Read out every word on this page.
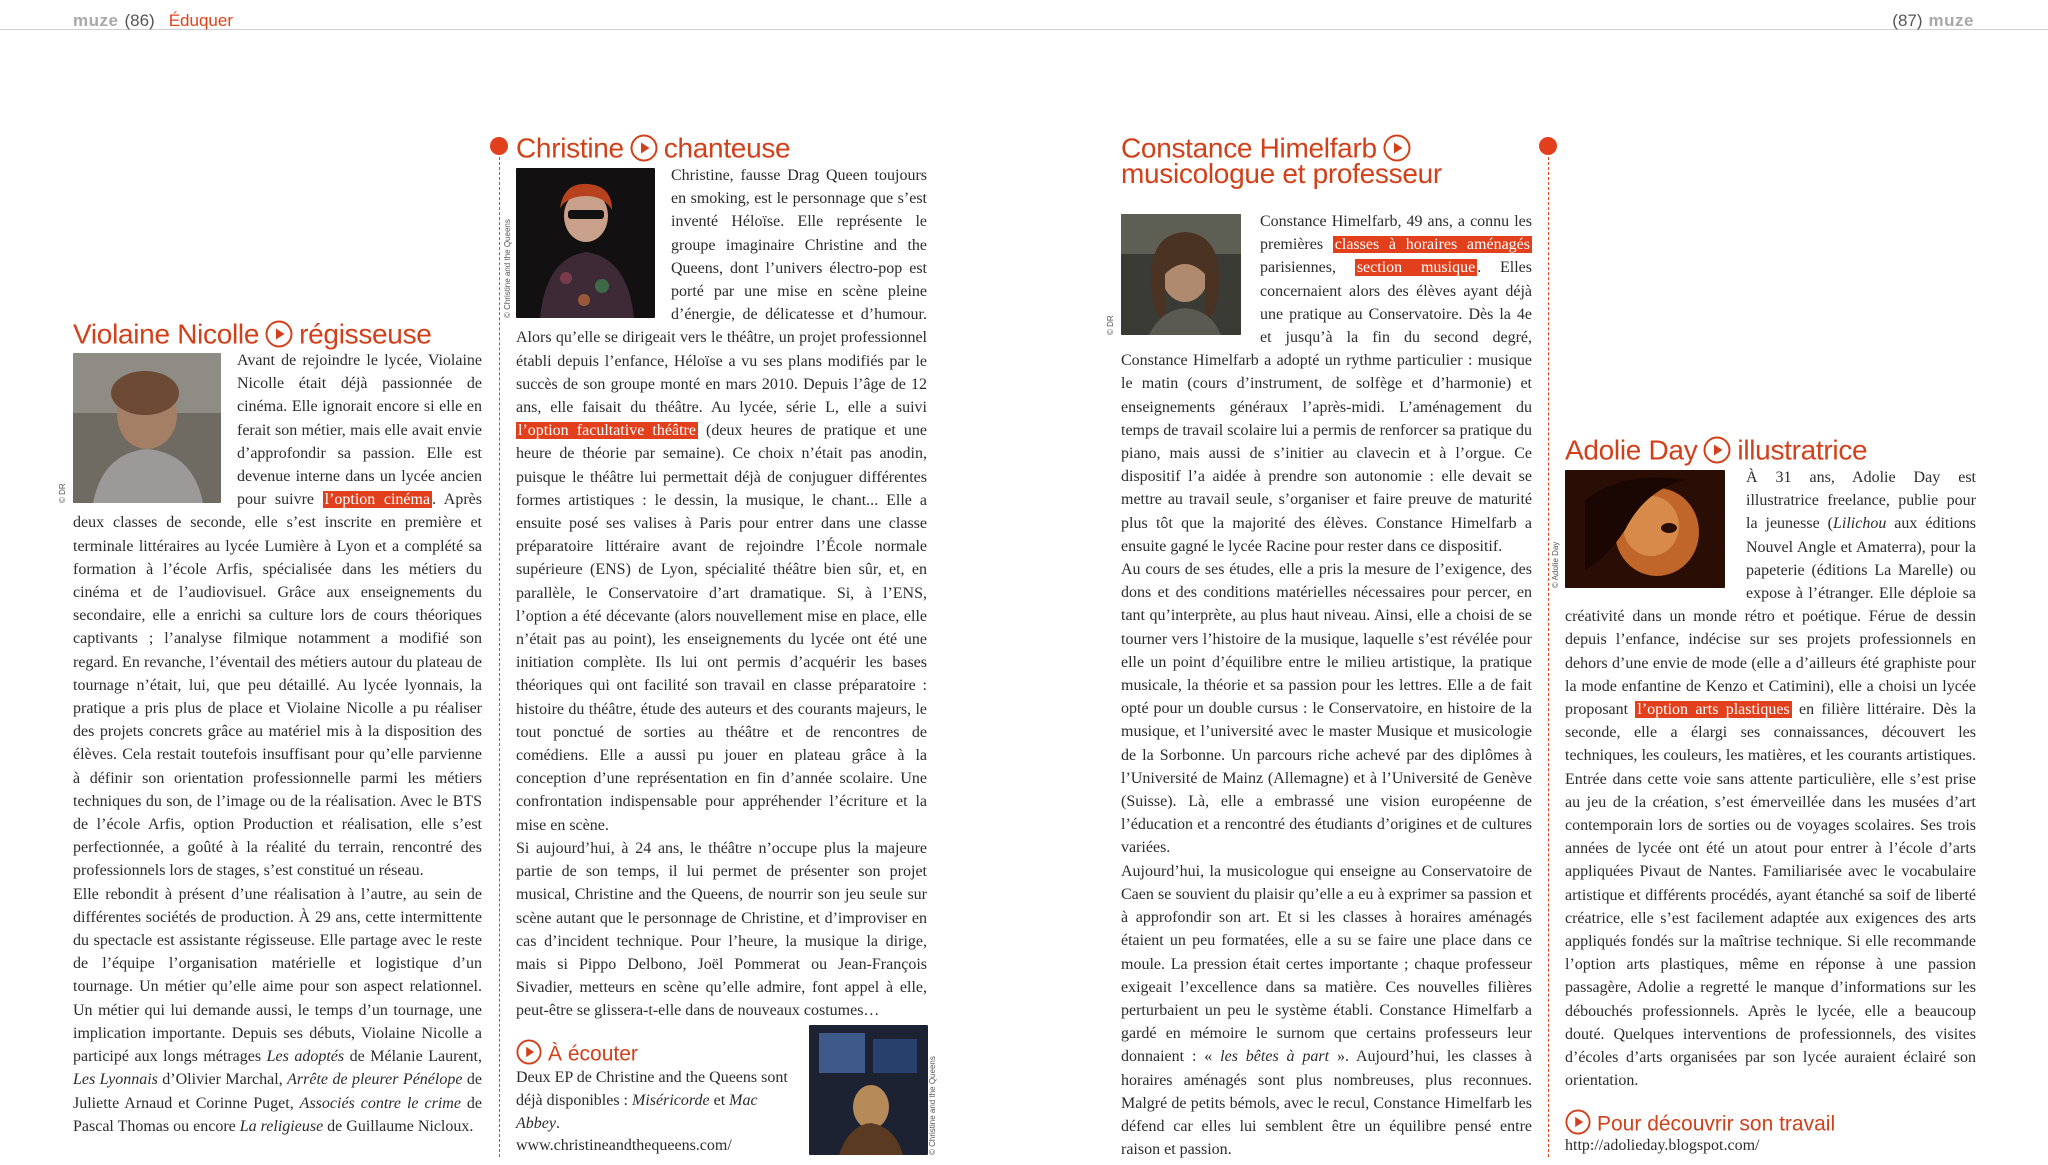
muze (86) Éduquer	(87) muze
Violaine Nicolle régisseuse
© DR

Avant de rejoindre le lycée, Violaine Nicolle était déjà passionnée de cinéma. Elle ignorait encore si elle en ferait son métier, mais elle avait envie d’approfondir sa passion. Elle est devenue interne dans un lycée ancien pour suivre l’option cinéma . Après deux classes de seconde, elle s’est inscrite en première et terminale littéraires au lycée Lumière à Lyon et a complété sa formation à l’école Arfis, spécialisée dans les métiers du cinéma et de l’audiovisuel. Grâce aux enseignements du secondaire, elle a enrichi sa culture lors de cours théoriques captivants ; l’analyse filmique notamment a modifié son regard. En revanche, l’éventail des métiers autour du plateau de tournage n’était, lui, que peu détaillé. Au lycée lyonnais, la pratique a pris plus de place et Violaine Nicolle a pu réaliser des projets concrets grâce au matériel mis à la disposition des élèves. Cela restait toutefois insuffisant pour qu’elle parvienne à définir son orientation professionnelle parmi les métiers techniques du son, de l’image ou de la réalisation. Avec le BTS de l’école Arfis, option Production et réalisation, elle s’est perfectionnée, a goûté à la réalité du terrain, rencontré des professionnels lors de stages, s’est constitué un réseau.

Elle rebondit à présent d’une réalisation à l’autre, au sein de différentes sociétés de production. À 29 ans, cette intermittente du spectacle est assistante régisseuse. Elle partage avec le reste de l’équipe l’organisation matérielle et logistique d’un tournage. Un métier qu’elle aime pour son aspect relationnel. Un métier qui lui demande aussi, le temps d’un tournage, une implication importante. Depuis ses débuts, Violaine Nicolle a participé aux longs métrages Les adoptés de Mélanie Laurent, Les Lyonnais d’Olivier Marchal, Arrête de pleurer Pénélope de Juliette Arnaud et Corinne Puget, Associés contre le crime de Pascal Thomas ou encore La religieuse de Guillaume Nicloux.

Christine chanteuse
© Christine and the Queens

Christine, fausse Drag Queen toujours en smoking, est le personnage que s’est inventé Héloïse. Elle représente le groupe imaginaire Christine and the Queens, dont l’univers électro-pop est porté par une mise en scène pleine d’énergie, de délicatesse et d’humour. Alors qu’elle se dirigeait vers le théâtre, un projet professionnel établi depuis l’enfance, Héloïse a vu ses plans modifiés par le succès de son groupe monté en mars 2010. Depuis l’âge de 12 ans, elle faisait du théâtre. Au lycée, série L, elle a suivi l’option facultative théâtre (deux heures de pratique et une heure de théorie par semaine). Ce choix n’était pas anodin, puisque le théâtre lui permettait déjà de conjuguer différentes formes artistiques : le dessin, la musique, le chant... Elle a ensuite posé ses valises à Paris pour entrer dans une classe préparatoire littéraire avant de rejoindre l’École normale supérieure (ENS) de Lyon, spécialité théâtre bien sûr, et, en parallèle, le Conservatoire d’art dramatique. Si, à l’ENS, l’option a été décevante (alors nouvellement mise en place, elle n’était pas au point), les enseignements du lycée ont été une initiation complète. Ils lui ont permis d’acquérir les bases théoriques qui ont facilité son travail en classe préparatoire : histoire du théâtre, étude des auteurs et des courants majeurs, le tout ponctué de sorties au théâtre et de rencontres de comédiens. Elle a aussi pu jouer en plateau grâce à la conception d’une représentation en fin d’année scolaire. Une confrontation indispensable pour appréhender l’écriture et la mise en scène.

Si aujourd’hui, à 24 ans, le théâtre n’occupe plus la majeure partie de son temps, il lui permet de présenter son projet musical, Christine and the Queens, de nourrir son jeu seule sur scène autant que le personnage de Christine, et d’improviser en cas d’incident technique. Pour l’heure, la musique la dirige, mais si Pippo Delbono, Joël Pommerat ou Jean-François Sivadier, metteurs en scène qu’elle admire, font appel à elle, peut-être se glissera-t-elle dans de nouveaux costumes…

À écouter

Deux EP de Christine and the Queens sont déjà disponibles : Miséricorde et Mac Abbey.

www.christineandthequeens.com/	© Christine and the Queens
Constance Himelfarb
musicologue et professeur
© DR

Constance Himelfarb, 49 ans, a connu les premières classes à horaires aménagés parisiennes, section musique . Elles concernaient alors des élèves ayant déjà une pratique au Conservatoire. Dès la 4e et jusqu’à la fin du second degré, Constance Himelfarb a adopté un rythme particulier : musique le matin (cours d’instrument, de solfège et d’harmonie) et enseignements généraux l’après-midi. L’aménagement du temps de travail scolaire lui a permis de renforcer sa pratique du piano, mais aussi de s’initier au clavecin et à l’orgue. Ce dispositif l’a aidée à prendre son autonomie : elle devait se mettre au travail seule, s’organiser et faire preuve de maturité plus tôt que la majorité des élèves. Constance Himelfarb a ensuite gagné le lycée Racine pour rester dans ce dispositif.

Au cours de ses études, elle a pris la mesure de l’exigence, des dons et des conditions matérielles nécessaires pour percer, en tant qu’interprète, au plus haut niveau. Ainsi, elle a choisi de se tourner vers l’histoire de la musique, laquelle s’est révélée pour elle un point d’équilibre entre le milieu artistique, la pratique musicale, la théorie et sa passion pour les lettres. Elle a de fait opté pour un double cursus : le Conservatoire, en histoire de la musique, et l’université avec le master Musique et musicologie de la Sorbonne. Un parcours riche achevé par des diplômes à l’Université de Mainz (Allemagne) et à l’Université de Genève (Suisse). Là, elle a embrassé une vision européenne de l’éducation et a rencontré des étudiants d’origines et de cultures variées.

Aujourd’hui, la musicologue qui enseigne au Conservatoire de Caen se souvient du plaisir qu’elle a eu à exprimer sa passion et à approfondir son art. Et si les classes à horaires aménagés étaient un peu formatées, elle a su se faire une place dans ce moule. La pression était certes importante ; chaque professeur exigeait l’excellence dans sa matière. Ces nouvelles filières perturbaient un peu le système établi. Constance Himelfarb a gardé en mémoire le surnom que certains professeurs leur donnaient : « les bêtes à part ». Aujourd’hui, les classes à horaires aménagés sont plus nombreuses, plus reconnues. Malgré de petits bémols, avec le recul, Constance Himelfarb les défend car elles lui semblent être un équilibre pensé entre raison et passion.

Adolie Day illustratrice
© Adolie Day

À 31 ans, Adolie Day est illustratrice freelance, publie pour la jeunesse (Lilichou aux éditions Nouvel Angle et Amaterra), pour la papeterie (éditions La Marelle) ou expose à l’étranger. Elle déploie sa créativité dans un monde rétro et poétique. Férue de dessin depuis l’enfance, indécise sur ses projets professionnels en dehors d’une envie de mode (elle a d’ailleurs été graphiste pour la mode enfantine de Kenzo et Catimini), elle a choisi un lycée proposant l’option arts plastiques en filière littéraire. Dès la seconde, elle a élargi ses connaissances, découvert les techniques, les couleurs, les matières, et les courants artistiques. Entrée dans cette voie sans attente particulière, elle s’est prise au jeu de la création, s’est émerveillée dans les musées d’art contemporain lors de sorties ou de voyages scolaires. Ses trois années de lycée ont été un atout pour entrer à l’école d’arts appliquées Pivaut de Nantes. Familiarisée avec le vocabulaire artistique et différents procédés, ayant étanché sa soif de liberté créatrice, elle s’est facilement adaptée aux exigences des arts appliqués fondés sur la maîtrise technique. Si elle recommande l’option arts plastiques, même en réponse à une passion passagère, Adolie a regretté le manque d’informations sur les débouchés professionnels. Après le lycée, elle a beaucoup douté. Quelques interventions de professionnels, des visites d’écoles d’arts organisées par son lycée auraient éclairé son orientation.

Pour découvrir son travail
http://adolieday.blogspot.com/
